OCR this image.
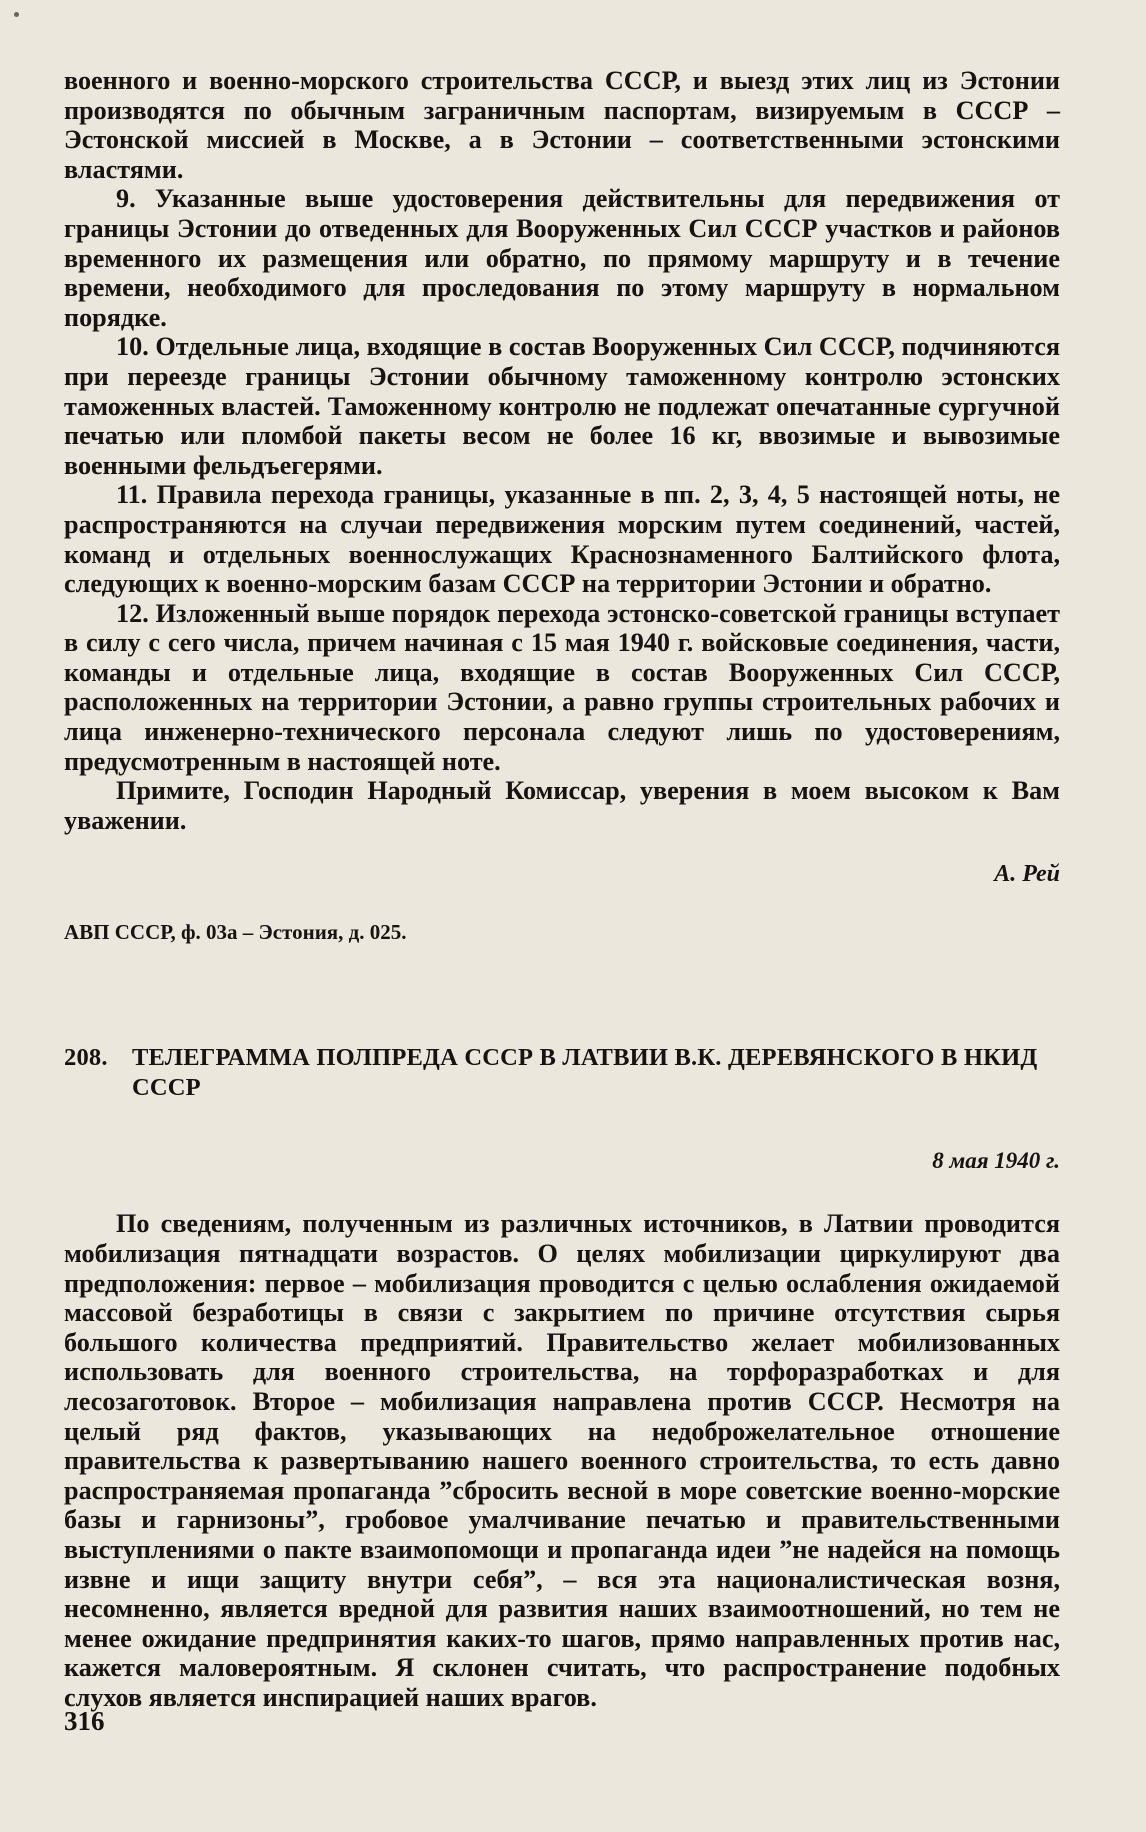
военного и военно-морского строительства СССР, и выезд этих лиц из Эстонии производятся по обычным заграничным паспортам, визируемым в СССР – Эстонской миссией в Москве, а в Эстонии – соответственными эстонскими властями.

9. Указанные выше удостоверения действительны для передвижения от границы Эстонии до отведенных для Вооруженных Сил СССР участков и районов временного их размещения или обратно, по прямому маршруту и в течение времени, необходимого для проследования по этому маршруту в нормальном порядке.

10. Отдельные лица, входящие в состав Вооруженных Сил СССР, подчиняются при переезде границы Эстонии обычному таможенному контролю эстонских таможенных властей. Таможенному контролю не подлежат опечатанные сургучной печатью или пломбой пакеты весом не более 16 кг, ввозимые и вывозимые военными фельдъегерями.

11. Правила перехода границы, указанные в пп. 2, 3, 4, 5 настоящей ноты, не распространяются на случаи передвижения морским путем соединений, частей, команд и отдельных военнослужащих Краснознаменного Балтийского флота, следующих к военно-морским базам СССР на территории Эстонии и обратно.

12. Изложенный выше порядок перехода эстонско-советской границы вступает в силу с сего числа, причем начиная с 15 мая 1940 г. войсковые соединения, части, команды и отдельные лица, входящие в состав Вооруженных Сил СССР, расположенных на территории Эстонии, а равно группы строительных рабочих и лица инженерно-технического персонала следуют лишь по удостоверениям, предусмотренным в настоящей ноте.

Примите, Господин Народный Комиссар, уверения в моем высоком к Вам уважении.

А. Рей
АВП СССР, ф. 03а – Эстония, д. 025.
208. ТЕЛЕГРАММА ПОЛПРЕДА СССР В ЛАТВИИ В.К. ДЕРЕВЯНСКОГО В НКИД СССР
8 мая 1940 г.

По сведениям, полученным из различных источников, в Латвии проводится мобилизация пятнадцати возрастов. О целях мобилизации циркулируют два предположения: первое – мобилизация проводится с целью ослабления ожидаемой массовой безработицы в связи с закрытием по причине отсутствия сырья большого количества предприятий. Правительство желает мобилизованных использовать для военного строительства, на торфоразработках и для лесозаготовок. Второе – мобилизация направлена против СССР. Несмотря на целый ряд фактов, указывающих на недоброжелательное отношение правительства к развертыванию нашего военного строительства, то есть давно распространяемая пропаганда ”сбросить весной в море советские военно-морские базы и гарнизоны”, гробовое умалчивание печатью и правительственными выступлениями о пакте взаимопомощи и пропаганда идеи ”не надейся на помощь извне и ищи защиту внутри себя”, – вся эта националистическая возня, несомненно, является вредной для развития наших взаимоотношений, но тем не менее ожидание предпринятия каких-то шагов, прямо направленных против нас, кажется маловероятным. Я склонен считать, что распространение подобных слухов является инспирацией наших врагов.

316
